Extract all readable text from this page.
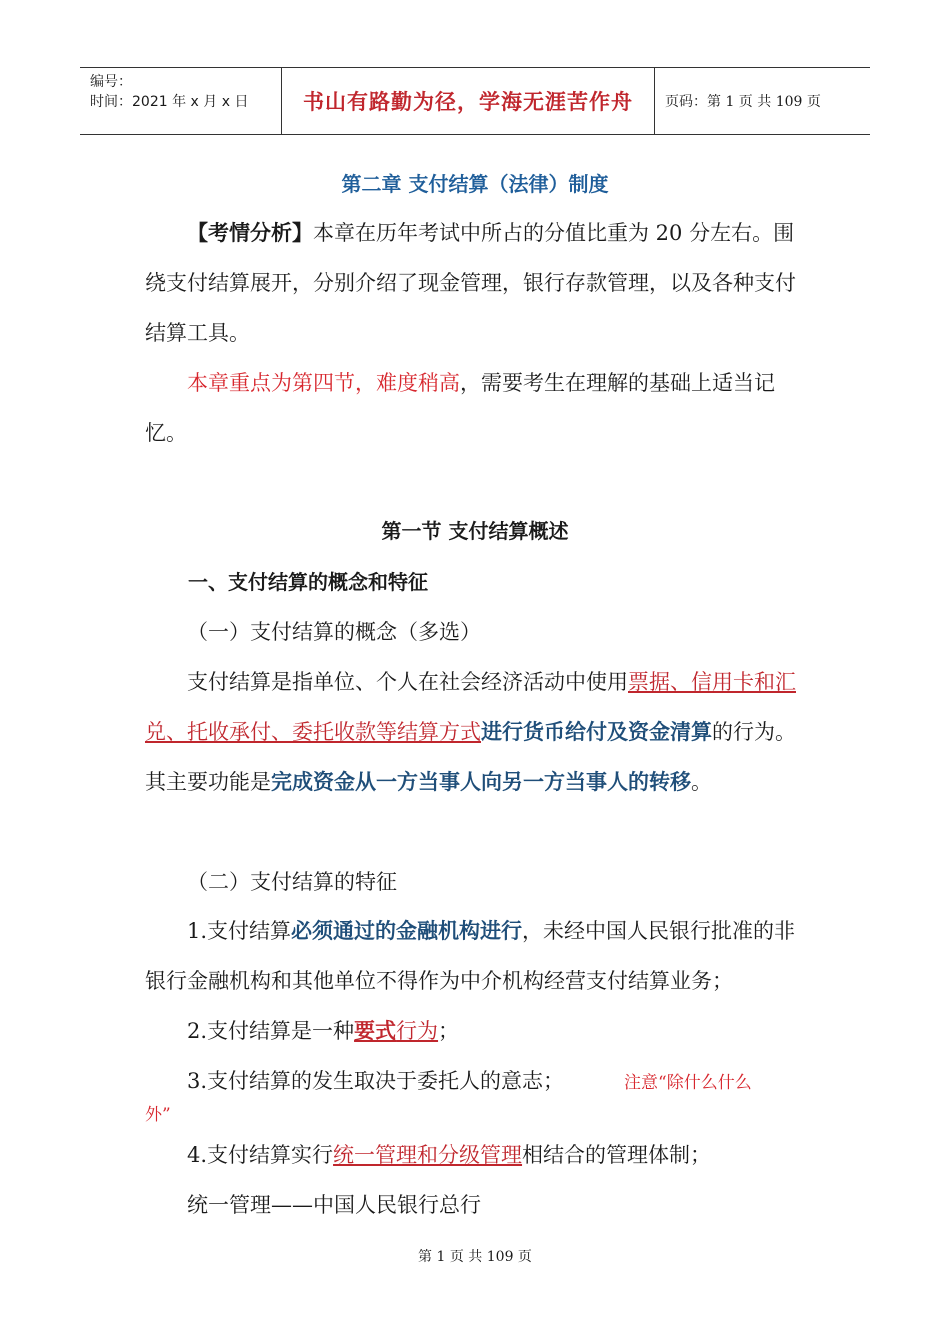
编号：
时间：2021 年 x 月 x 日	书山有路勤为径，学海无涯苦作舟	页码：第 1 页 共 109 页
第二章 支付结算（法律）制度
【考情分析】本章在历年考试中所占的分值比重为 20 分左右。围绕支付结算展开，分别介绍了现金管理，银行存款管理，以及各种支付结算工具。
本章重点为第四节，难度稍高，需要考生在理解的基础上适当记忆。
第一节 支付结算概述
一、支付结算的概念和特征
（一）支付结算的概念（多选）
支付结算是指单位、个人在社会经济活动中使用票据、信用卡和汇兑、托收承付、委托收款等结算方式进行货币给付及资金清算的行为。其主要功能是完成资金从一方当事人向另一方当事人的转移。
（二）支付结算的特征
1.支付结算必须通过的金融机构进行，未经中国人民银行批准的非银行金融机构和其他单位不得作为中介机构经营支付结算业务；
2.支付结算是一种要式行为；
3.支付结算的发生取决于委托人的意志；	注意“除什么什么
外”
4.支付结算实行统一管理和分级管理相结合的管理体制；
统一管理——中国人民银行总行
第 1 页 共 109 页
